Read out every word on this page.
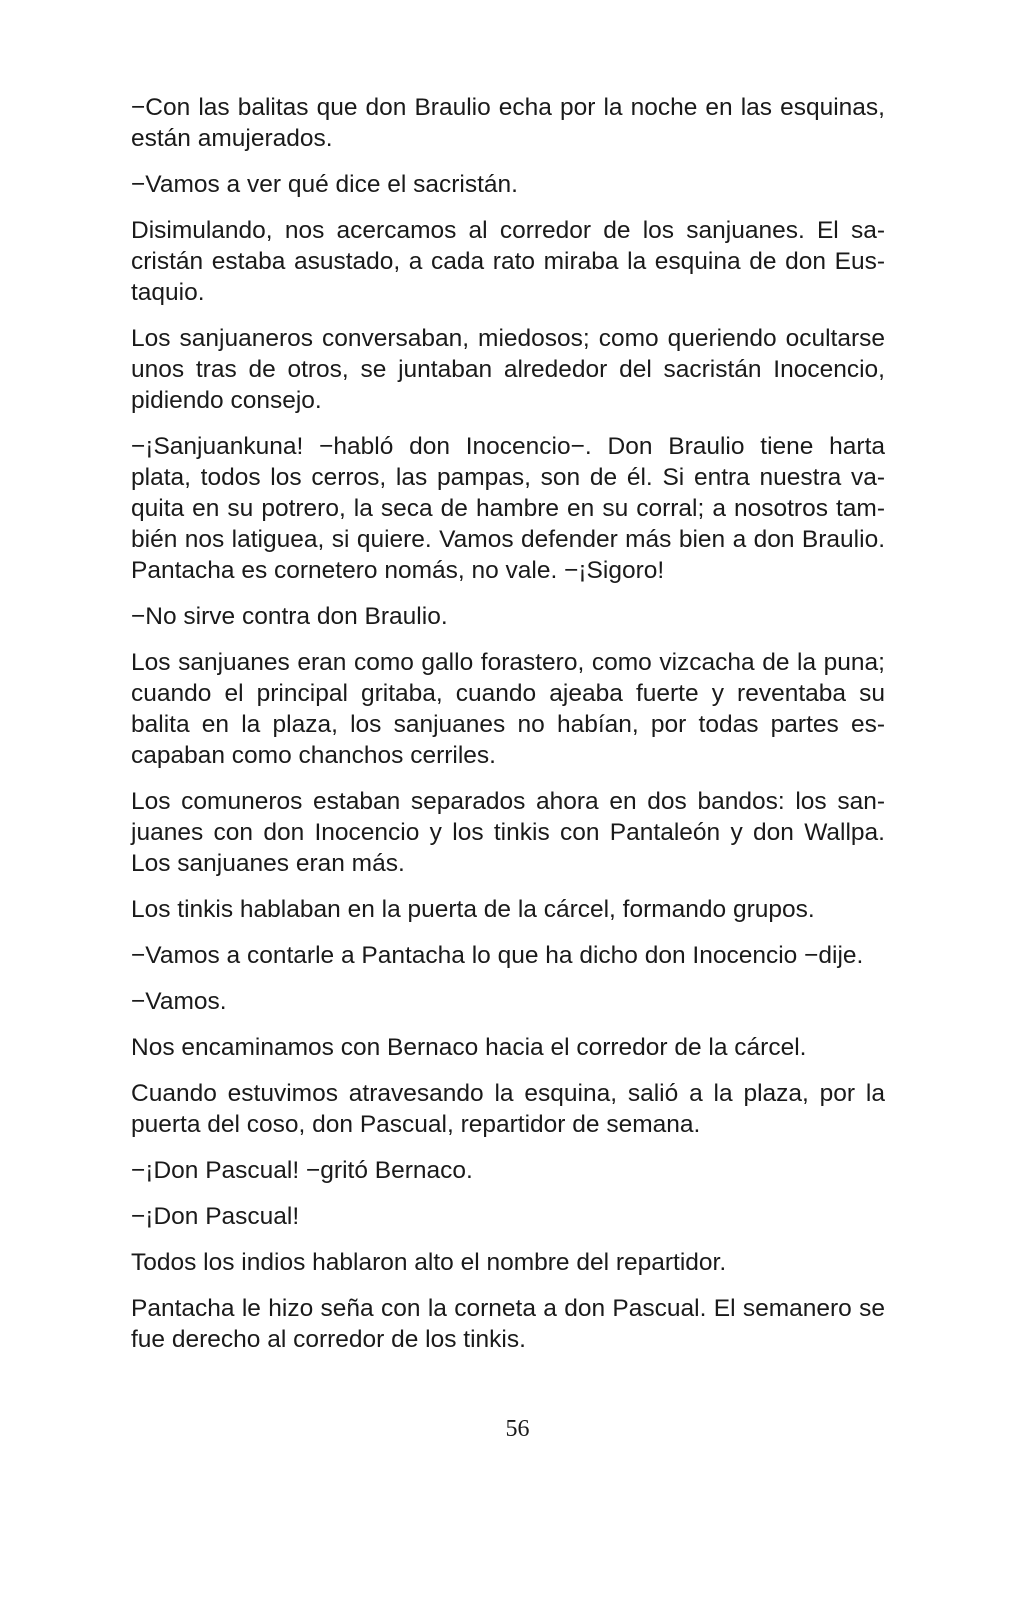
−Con las balitas que don Braulio echa por la noche en las esquinas, están amujerados.

−Vamos a ver qué dice el sacristán.

Disimulando, nos acercamos al corredor de los sanjuanes. El sacristán estaba asustado, a cada rato miraba la esquina de don Eustaquio.

Los sanjuaneros conversaban, miedosos; como queriendo ocultarse unos tras de otros, se juntaban alrededor del sacristán Inocencio, pidiendo consejo.

−¡Sanjuankuna! −habló don Inocencio−. Don Braulio tiene harta plata, todos los cerros, las pampas, son de él. Si entra nuestra vaquita en su potrero, la seca de hambre en su corral; a nosotros también nos latiguea, si quiere. Vamos defender más bien a don Braulio. Pantacha es cornetero nomás, no vale. −¡Sigoro!

−No sirve contra don Braulio.

Los sanjuanes eran como gallo forastero, como vizcacha de la puna; cuando el principal gritaba, cuando ajeaba fuerte y reventaba su balita en la plaza, los sanjuanes no habían, por todas partes escapaban como chanchos cerriles.

Los comuneros estaban separados ahora en dos bandos: los sanjuanes con don Inocencio y los tinkis con Pantaleón y don Wallpa. Los sanjuanes eran más.

Los tinkis hablaban en la puerta de la cárcel, formando grupos.

−Vamos a contarle a Pantacha lo que ha dicho don Inocencio −dije.

−Vamos.

Nos encaminamos con Bernaco hacia el corredor de la cárcel.

Cuando estuvimos atravesando la esquina, salió a la plaza, por la puerta del coso, don Pascual, repartidor de semana.

−¡Don Pascual! −gritó Bernaco.

−¡Don Pascual!

Todos los indios hablaron alto el nombre del repartidor.

Pantacha le hizo seña con la corneta a don Pascual. El semanero se fue derecho al corredor de los tinkis.

56
